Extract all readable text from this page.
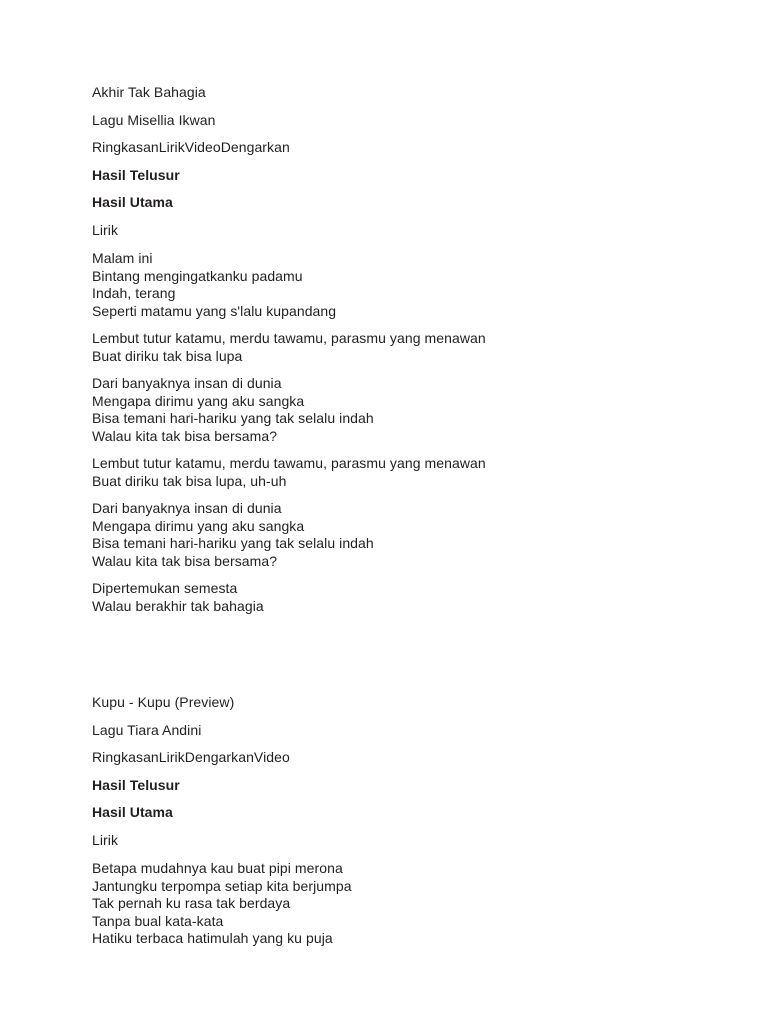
Akhir Tak Bahagia

Lagu Misellia Ikwan

RingkasanLirikVideoDengarkan

Hasil Telusur

Hasil Utama

Lirik

Malam ini

Bintang mengingatkanku padamu

Indah, terang

Seperti matamu yang s'lalu kupandang

Lembut tutur katamu, merdu tawamu, parasmu yang menawan

Buat diriku tak bisa lupa

Dari banyaknya insan di dunia

Mengapa dirimu yang aku sangka

Bisa temani hari-hariku yang tak selalu indah

Walau kita tak bisa bersama?

Lembut tutur katamu, merdu tawamu, parasmu yang menawan

Buat diriku tak bisa lupa, uh-uh

Dari banyaknya insan di dunia

Mengapa dirimu yang aku sangka

Bisa temani hari-hariku yang tak selalu indah

Walau kita tak bisa bersama?

Dipertemukan semesta

Walau berakhir tak bahagia

Kupu - Kupu (Preview)

Lagu Tiara Andini

RingkasanLirikDengarkanVideo

Hasil Telusur

Hasil Utama

Lirik

Betapa mudahnya kau buat pipi merona

Jantungku terpompa setiap kita berjumpa

Tak pernah ku rasa tak berdaya

Tanpa bual kata-kata

Hatiku terbaca hatimulah yang ku puja
